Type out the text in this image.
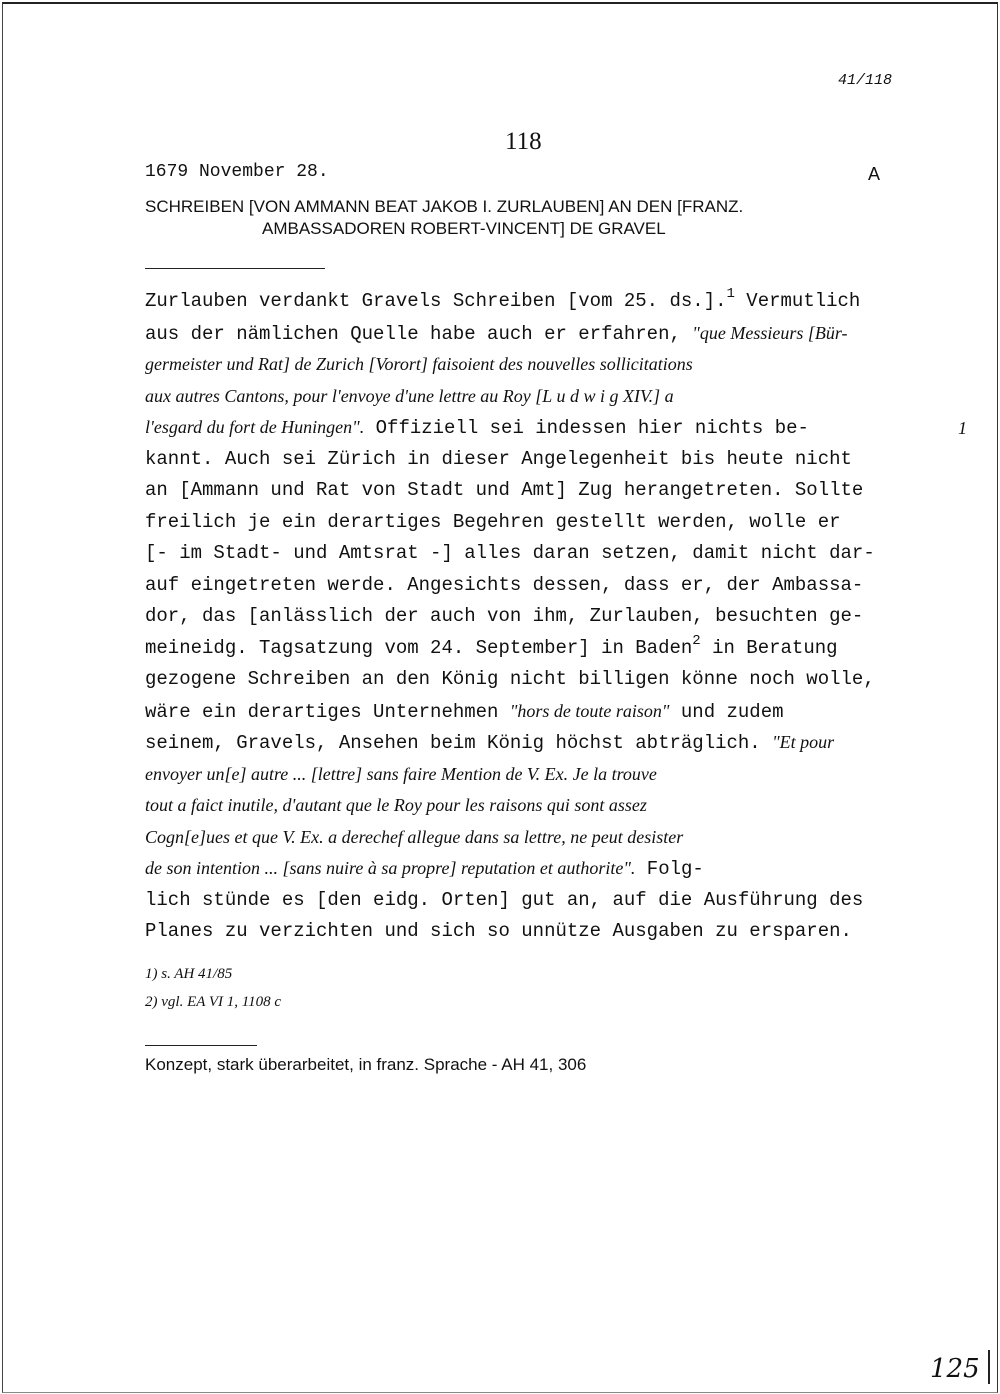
41/118
118
1679 November 28.	A
SCHREIBEN [VON AMMANN BEAT JAKOB I. ZURLAUBEN] AN DEN [FRANZ.
AMBASSADOREN ROBERT-VINCENT] DE GRAVEL
Zurlauben verdankt Gravels Schreiben [vom 25. ds.].$^1$ Vermutlich
aus der nämlichen Quelle habe auch er erfahren, "que Messieurs [Bür-
germeister und Rat] de Zurich [Vorort] faisoient des nouvelles sollicitations
aux autres Cantons, pour l'envoye d'une lettre au Roy [L u d w i g XIV.] a
l'esgard du fort de Huningen". Offiziell sei indessen hier nichts be-
kannt. Auch sei Zürich in dieser Angelegenheit bis heute nicht
an [Ammann und Rat von Stadt und Amt] Zug herangetreten. Sollte
freilich je ein derartiges Begehren gestellt werden, wolle er
[- im Stadt- und Amtsrat -] alles daran setzen, damit nicht dar-
auf eingetreten werde. Angesichts dessen, dass er, der Ambassa-
dor, das [anlässlich der auch von ihm, Zurlauben, besuchten ge-
meineidg. Tagsatzung vom 24. September] in Baden$^2$ in Beratung
gezogene Schreiben an den König nicht billigen könne noch wolle,
wäre ein derartiges Unternehmen "hors de toute raison" und zudem
seinem, Gravels, Ansehen beim König höchst abträglich. "Et pour
envoyer un[e] autre ... [lettre] sans faire Mention de V. Ex. Je la trouve
tout a faict inutile, d'autant que le Roy pour les raisons qui sont assez
Cogn[e]ues et que V. Ex. a derechef allegue dans sa lettre, ne peut desister
de son intention ... [sans nuire à sa propre] reputation et authorite". Folg-
lich stünde es [den eidg. Orten] gut an, auf die Ausführung des
Planes zu verzichten und sich so unnütze Ausgaben zu ersparen.
1
1) s. AH 41/85
2) vgl. EA VI 1, 1108 c
Konzept, stark überarbeitet, in franz. Sprache - AH 41, 306
125
